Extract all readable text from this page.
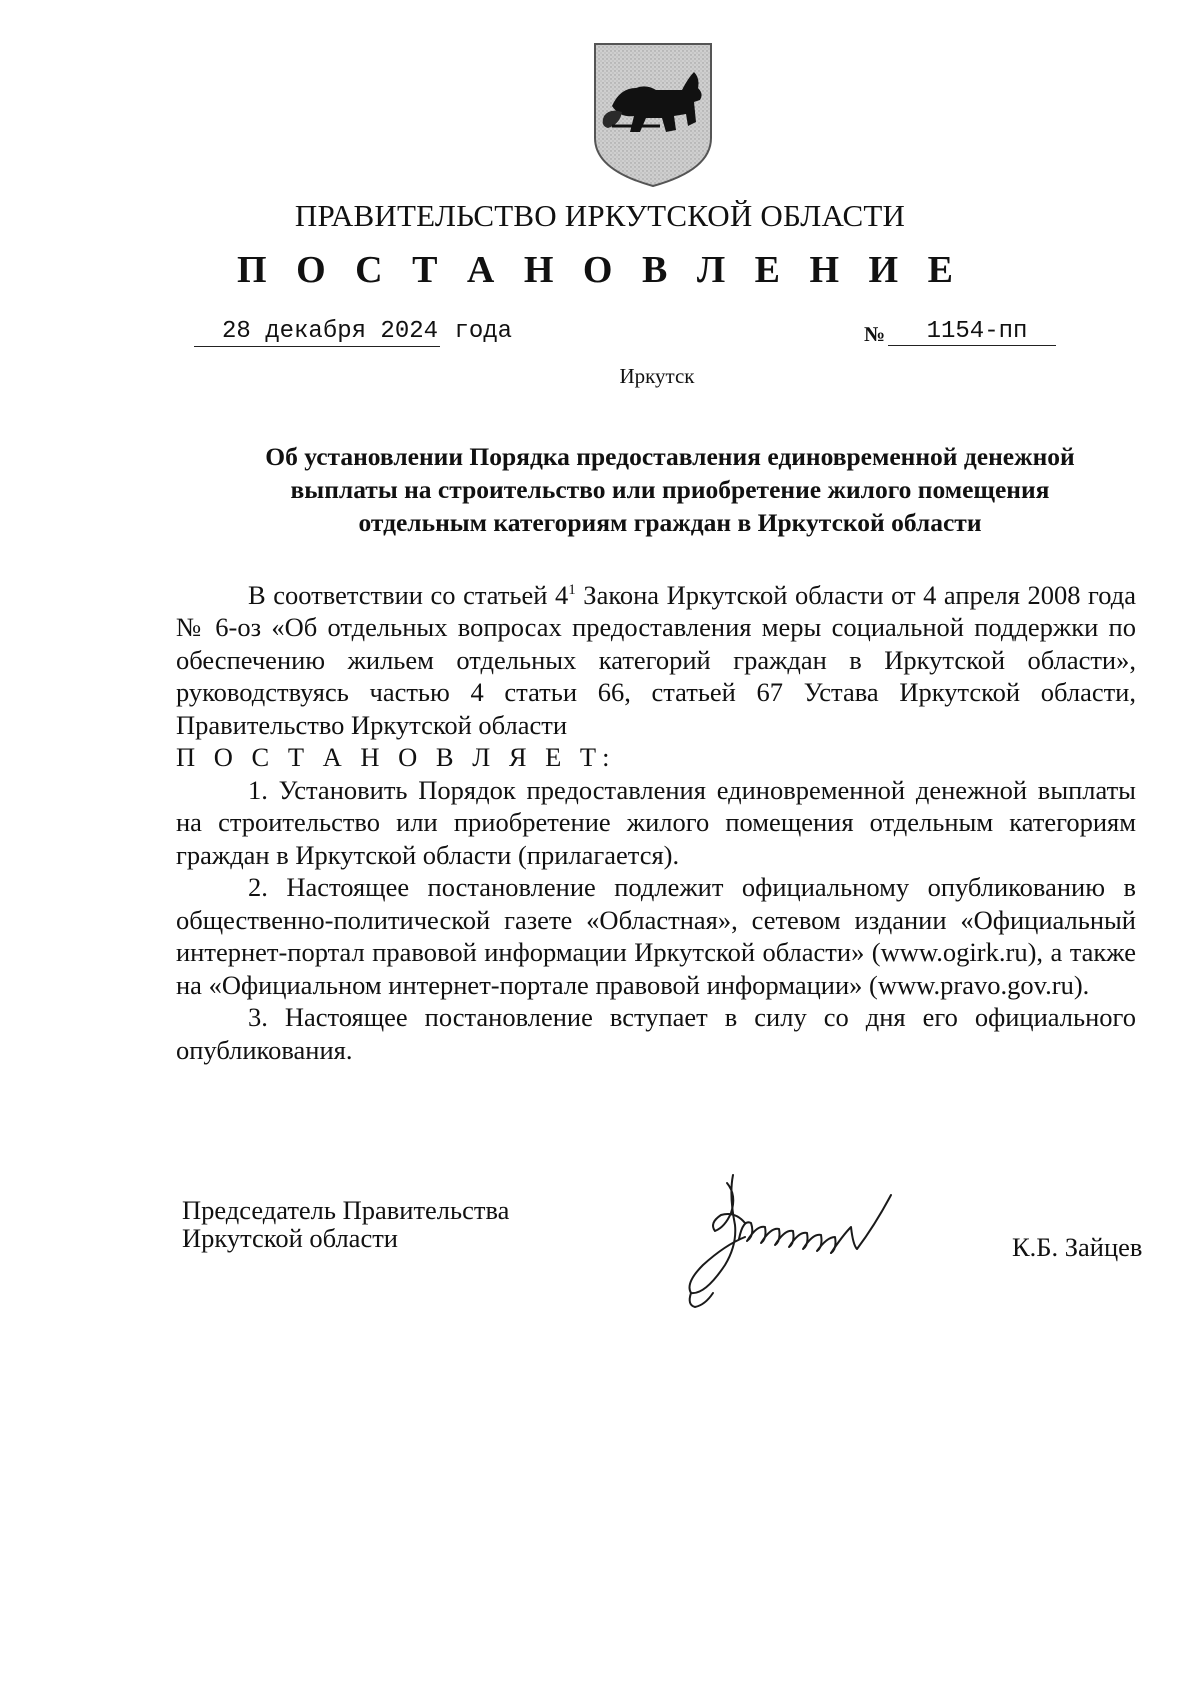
ПРАВИТЕЛЬСТВО ИРКУТСКОЙ ОБЛАСТИ
П О С Т А Н О В Л Е Н И Е
28 декабря 2024 года	№	1154-пп
Иркутск
Об установлении Порядка предоставления единовременной денежной
выплаты на строительство или приобретение жилого помещения
отдельным категориям граждан в Иркутской области

В соответствии со статьей $4^1$ Закона Иркутской области от 4 апреля 2008 года № 6-оз «Об отдельных вопросах предоставления меры социальной поддержки по обеспечению жильем отдельных категорий граждан в Иркутской области», руководствуясь частью 4 статьи 66, статьей 67 Устава Иркутской области, Правительство Иркутской области

П О С Т А Н О В Л Я Е Т:

1. Установить Порядок предоставления единовременной денежной выплаты на строительство или приобретение жилого помещения отдельным категориям граждан в Иркутской области (прилагается).

2. Настоящее постановление подлежит официальному опубликованию в общественно-политической газете «Областная», сетевом издании «Официальный интернет-портал правовой информации Иркутской области» (www.ogirk.ru), а также на «Официальном интернет-портале правовой информации» (www.pravo.gov.ru).

3. Настоящее постановление вступает в силу со дня его официального опубликования.

Председатель Правительства
Иркутской области	К.Б. Зайцев
